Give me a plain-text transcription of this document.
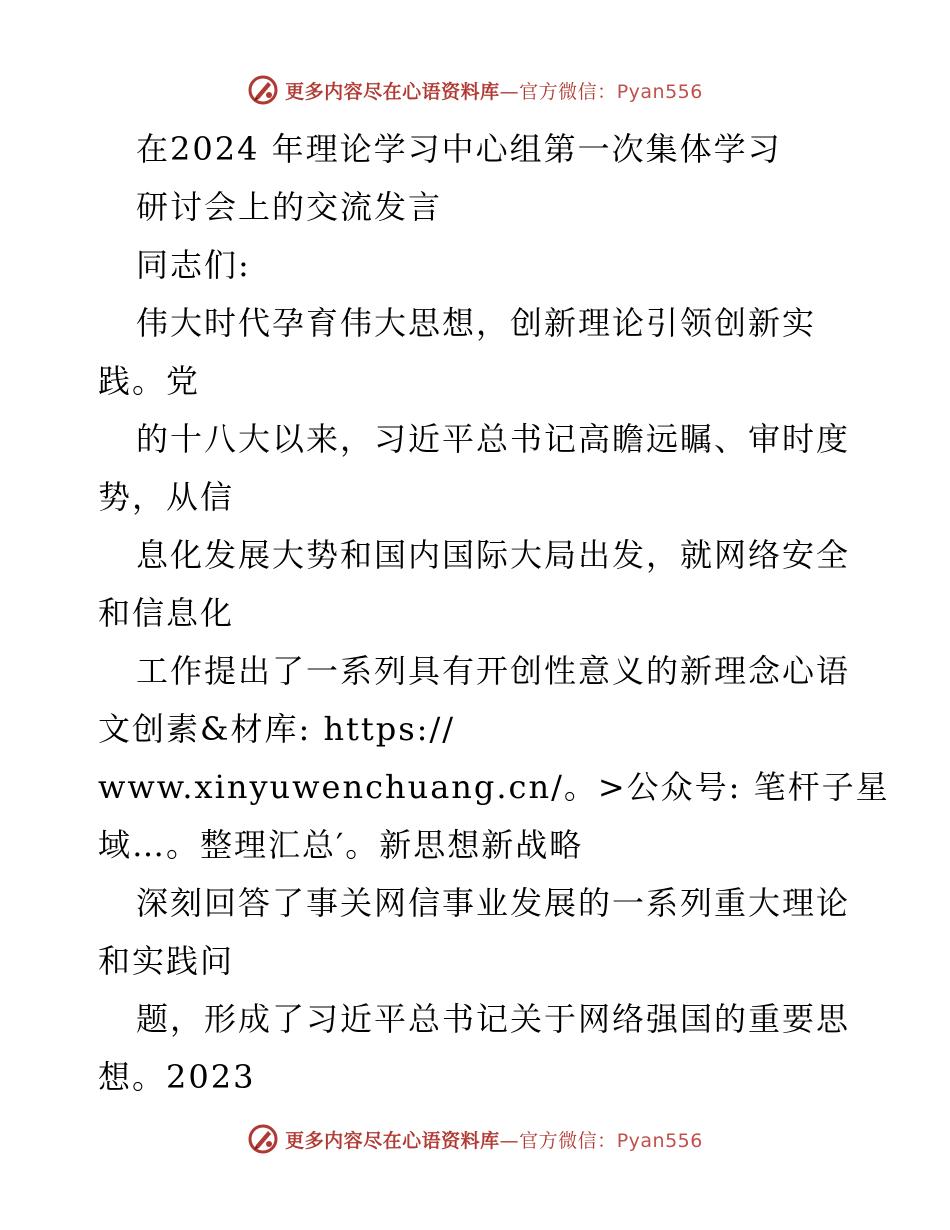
更多内容尽在心语资料库—官方微信：Pyan556
在2024 年理论学习中心组第一次集体学习
研讨会上的交流发言
同志们:
伟大时代孕育伟大思想，创新理论引领创新实
践。党
的十八大以来，习近平总书记高瞻远瞩、审时度
势，从信
息化发展大势和国内国际大局出发，就网络安全
和信息化
工作提出了一系列具有开创性意义的新理念心语
文创素&材库: https://
www.xinyuwenchuang.cn/。>公众号: 笔杆子星
域…。整理汇总′。新思想新战略
深刻回答了事关网信事业发展的一系列重大理论
和实践问
题，形成了习近平总书记关于网络强国的重要思
想。2023
更多内容尽在心语资料库—官方微信：Pyan556
